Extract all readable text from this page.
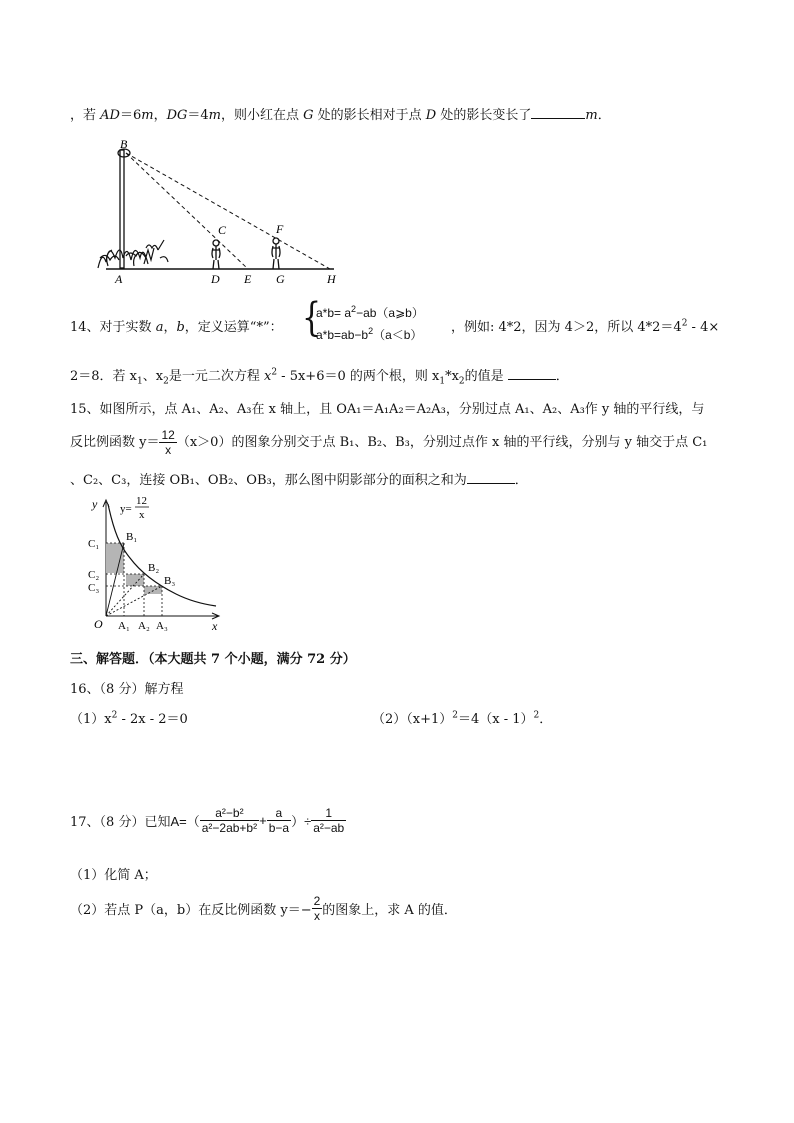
，若 AD＝6m，DG＝4m，则小红在点 G 处的影长相对于点 D 处的影长变长了	m．
B
C	F
A	D E G	H
14、对于实数 a，b，定义运算“*”： {
$a*b= a^2-ab(a⩾b)$
$a*b=ab-b^2(a<b)$ ，例如: 4*2，因为 4＞2，所以 $4*2=4^2 - 4\times$
2＝8．若 $x_1$、$x_2$是一元二次方程 $x^2 - 5x+6=0$ 的两个根，则 $x_1*x_2$的值是	．
15、如图所示，点 A₁、A₂、A₃在 x 轴上，且 OA₁＝A₁A₂＝A₂A₃，分别过点 A₁、A₂、A₃作 y 轴的平行线，与
反比例函数 $y= \frac{12}{x} (x>0)$的图象分别交于点 B₁、B₂、B₃，分别过点作 x 轴的平行线，分别与 y 轴交于点 C₁
、C₂、C₃，连接 OB₁、OB₂、OB₃，那么图中阴影部分的面积之和为	．
y
x
y=
12
x
O
C₁
C₂
C₃
B₁
B₂
B₃
A₁ A₂ A₃
三、解答题．（本大题共 7 个小题，满分 72 分）
16、（8 分）解方程
$(1)x^2 - 2x - 2=0$	$(2)(x+1)^2=4(x - 1)^2$．
17、（8 分）已知$A=( \frac{\text{a²−b²}}{\text{a²−2ab+b²}} + \frac{a}{b-a}$ ）÷ $\frac{1}{\text{a²−ab}}$
（1）化简 A；
（2）若点 P（a，b）在反比例函数 $y=- \frac{2}{x}$ 的图象上，求 A 的值．
